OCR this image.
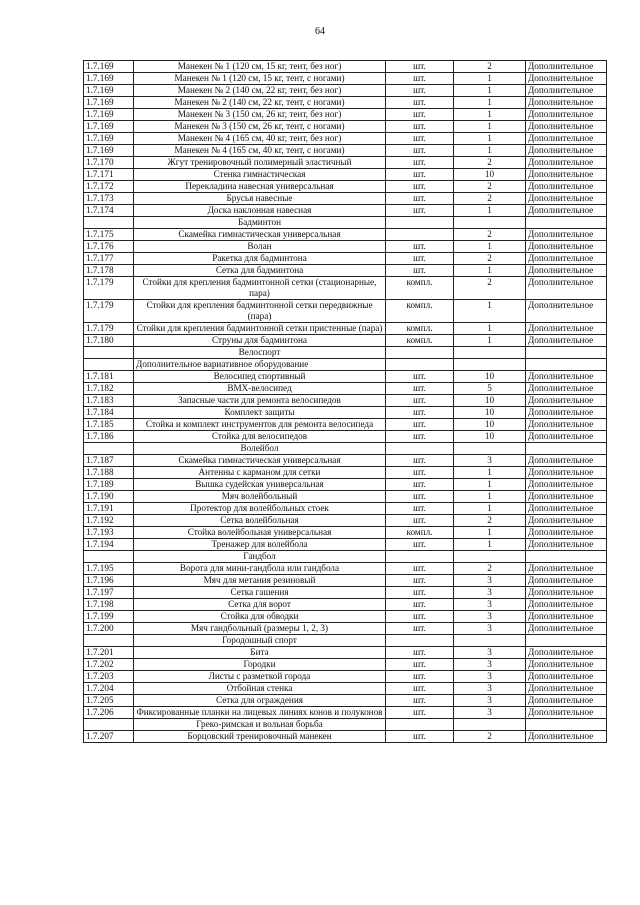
64
1.7.169	Манекен № 1 (120 см, 15 кг, тент, без ног)	шт.	2	Дополнительное
1.7.169	Манекен № 1 (120 см, 15 кг, тент, с ногами)	шт.	1	Дополнительное
1.7.169	Манекен № 2 (140 см, 22 кг, тент, без ног)	шт.	1	Дополнительное
1.7.169	Манекен № 2 (140 см, 22 кг, тент, с ногами)	шт.	1	Дополнительное
1.7.169	Манекен № 3 (150 см, 26 кг, тент, без ног)	шт.	1	Дополнительное
1.7.169	Манекен № 3 (150 см, 26 кг, тент, с ногами)	шт.	1	Дополнительное
1.7.169	Манекен № 4 (165 см, 40 кг, тент, без ног)	шт.	1	Дополнительное
1.7.169	Манекен № 4 (165 см, 40 кг, тент, с ногами)	шт.	1	Дополнительное
1.7.170	Жгут тренировочный полимерный эластичный	шт.	2	Дополнительное
1.7.171	Стенка гимнастическая	шт.	10	Дополнительное
1.7.172	Перекладина навесная универсальная	шт.	2	Дополнительное
1.7.173	Брусья навесные	шт.	2	Дополнительное
1.7.174	Доска наклонная навесная	шт.	1	Дополнительное
	Бадминтон			
1.7.175	Скамейка гимнастическая универсальная		2	Дополнительное
1.7.176	Волан	шт.	1	Дополнительное
1.7.177	Ракетка для бадминтона	шт.	2	Дополнительное
1.7.178	Сетка для бадминтона	шт.	1	Дополнительное
1.7.179	Стойки для крепления бадминтонной сетки (стационарные, пара)	компл.	2	Дополнительное
1.7.179	Стойки для крепления бадминтонной сетки передвижные (пара)	компл.	1	Дополнительное
1.7.179	Стойки для крепления бадминтонной сетки пристенные (пара)	компл.	1	Дополнительное
1.7.180	Струны для бадминтона	компл.	1	Дополнительное
	Велоспорт			
	Дополнительное вариативное оборудование			
1.7.181	Велосипед спортивный	шт.	10	Дополнительное
1.7.182	ВМХ-велосипед	шт.	5	Дополнительное
1.7.183	Запасные части для ремонта велосипедов	шт.	10	Дополнительное
1.7.184	Комплект защиты	шт.	10	Дополнительное
1.7.185	Стойка и комплект инструментов для ремонта велосипеда	шт.	10	Дополнительное
1.7.186	Стойка для велосипедов	шт.	10	Дополнительное
	Волейбол			
1.7.187	Скамейка гимнастическая универсальная	шт.	3	Дополнительное
1.7.188	Антенны с карманом для сетки	шт.	1	Дополнительное
1.7.189	Вышка судейская универсальная	шт.	1	Дополнительное
1.7.190	Мяч волейбольный	шт.	1	Дополнительное
1.7.191	Протектор для волейбольных стоек	шт.	1	Дополнительное
1.7.192	Сетка волейбольная	шт.	2	Дополнительное
1.7.193	Стойка волейбольная универсальная	компл.	1	Дополнительное
1.7.194	Тренажер для волейбола	шт.	1	Дополнительное
	Гандбол			
1.7.195	Ворота для мини-гандбола или гандбола	шт.	2	Дополнительное
1.7.196	Мяч для метания резиновый	шт.	3	Дополнительное
1.7.197	Сетка гашения	шт.	3	Дополнительное
1.7.198	Сетка для ворот	шт.	3	Дополнительное
1.7.199	Стойка для обводки	шт.	3	Дополнительное
1.7.200	Мяч гандбольный (размеры 1, 2, 3)	шт.	3	Дополнительное
	Городошный спорт			
1.7.201	Бита	шт.	3	Дополнительное
1.7.202	Городки	шт.	3	Дополнительное
1.7.203	Листы с разметкой города	шт.	3	Дополнительное
1.7.204	Отбойная стенка	шт.	3	Дополнительное
1.7.205	Сетка для ограждения	шт.	3	Дополнительное
1.7.206	Фиксированные планки на лицевых линиях конов и полуконов	шт.	3	Дополнительное
	Греко-римская и вольная борьба			
1.7.207	Борцовский тренировочный манекен	шт.	2	Дополнительное
